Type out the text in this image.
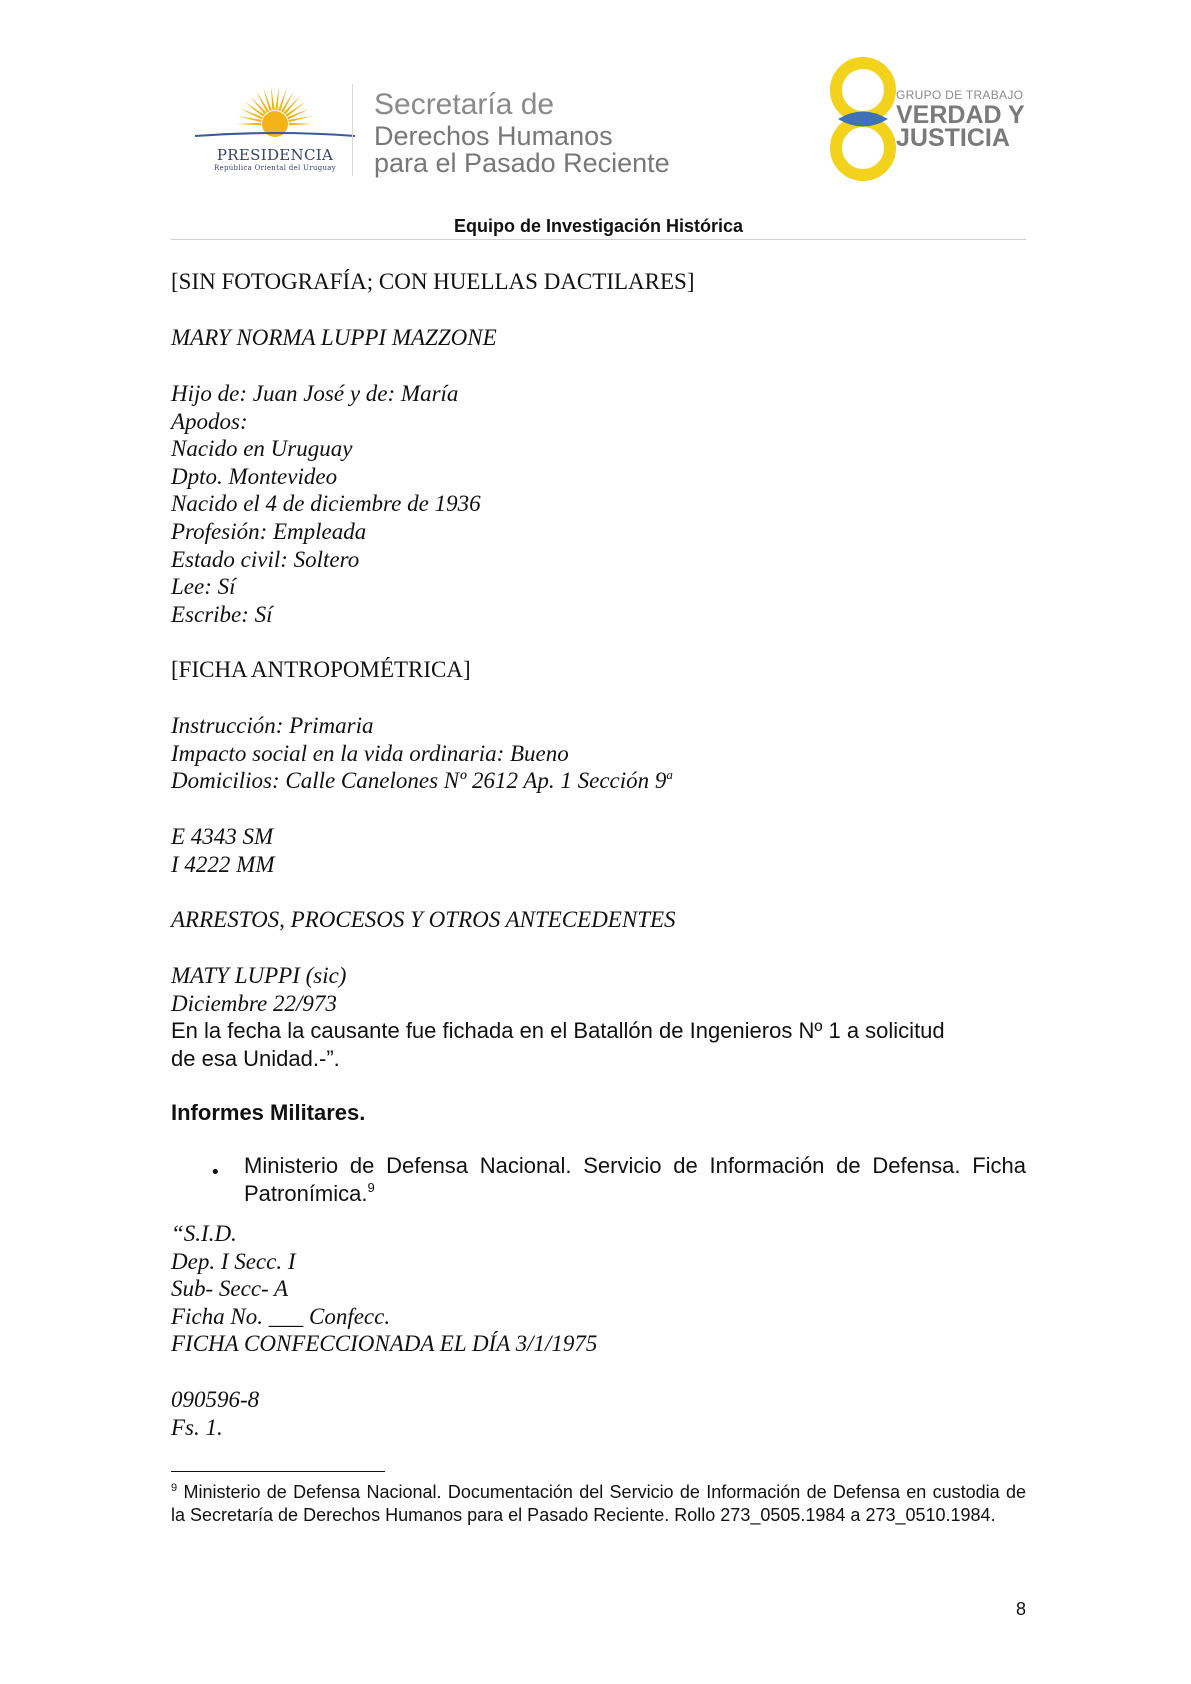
PRESIDENCIA
República Oriental del Uruguay
Secretaría de
Derechos Humanos
para el Pasado Reciente
GRUPO DE TRABAJO
VERDAD Y
JUSTICIA
Equipo de Investigación Histórica
[SIN FOTOGRAFÍA; CON HUELLAS DACTILARES]
MARY NORMA LUPPI MAZZONE
Hijo de: Juan José y de: María
Apodos:
Nacido en Uruguay
Dpto. Montevideo
Nacido el 4 de diciembre de 1936
Profesión: Empleada
Estado civil: Soltero
Lee: Sí
Escribe: Sí
[FICHA ANTROPOMÉTRICA]
Instrucción: Primaria
Impacto social en la vida ordinaria: Bueno
Domicilios: Calle Canelones Nº 2612 Ap. 1 Sección 9$^a$
E 4343 SM
I 4222 MM
ARRESTOS, PROCESOS Y OTROS ANTECEDENTES
MATY LUPPI (sic)
Diciembre 22/973
En la fecha la causante fue fichada en el Batallón de Ingenieros Nº 1 a solicitud
de esa Unidad.-”.
Informes Militares.
• Ministerio de Defensa Nacional. Servicio de Información de Defensa. Ficha Patronímica.$^9$
“S.I.D.
Dep. I Secc. I
Sub- Secc- A
Ficha No. ___ Confecc.
FICHA CONFECCIONADA EL DÍA 3/1/1975
090596-8
Fs. 1.
$^9$ Ministerio de Defensa Nacional. Documentación del Servicio de Información de Defensa en custodia de la Secretaría de Derechos Humanos para el Pasado Reciente. Rollo 273_0505.1984 a 273_0510.1984.
8
